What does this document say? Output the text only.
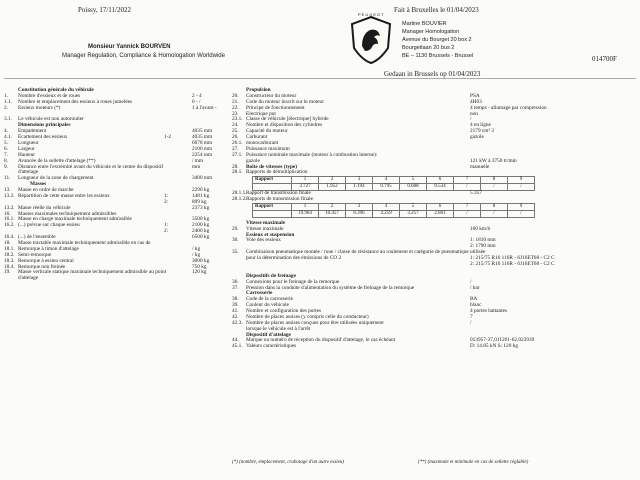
Poissy, 17/11/2022	Fait à Bruxelles le 01/04/2023
Monsieur Yannick BOURVEN
Manager Regulation, Compliance & Homologation Worldwide
PEUGEOT
Martine BOUVIER
Manager Homologation
Avenue du Bourget 20 box 2
Bourgetlaan 20 bus 2
BE – 1130 Brussels - Brussel	014700F
Gedaan in Brussels op 01/04/2023
Constitution générale du véhicule
1. Nombre d'essieux et de roues	2 - 4
1.1. Nombre et emplacement des essieux à roues jumelées	0 - /
2. Essieux moteurs (*)	1 à l'avant -
3.1. Le véhicule est non autoroutier
Dimensions principales
4. Empattement	4035 mm
4.1. Ecartement des essieux	1-2	4035 mm
5. Longueur	6678 mm
6. Largeur	2100 mm
7. Hauteur	2254 mm
8. Avancée de la sellette d'attelage (**)	/ mm
9. Distance entre l'extrémité avant du véhicule et le centre du dispositif d'attelage
mm
11. Longueur de la zone de chargement	3400 mm
Masses
13. Masse en ordre de marche	2290 kg
13.2. Répartition de cette masse entre les essieux	1:	1481 kg
2:	809 kg
13.2. Masse réelle du véhicule	2373 kg
16. Masses maximales techniquement admissibles
16.1. Masse en charge maximale techniquement admissible	3500 kg
16.2. (...) prévue sur chaque essieu	1:	2100 kg
2:	2400 kg
16.4. (...) de l'ensemble	6500 kg
18. Masse tractable maximale techniquement admissible en cas de
18.1. Remorque à timon d'attelage	/ kg
18.2. Semi-remorque	/ kg
18.3. Remorque à essieu central	3000 kg
18.4. Remorque non freinée	750 kg
19. Masse verticale statique maximale techniquement admissible au point d'attelage
120 kg
Propulsion
20. Constructeur du moteur	PSA
21. Code du moteur inscrit sur le moteur	4H03
22. Principe de fonctionnement	4 temps - allumage par compression
23. Electrique pur	non
23.1. Classe de véhicule [électrique] hybride	/
24. Nombre et disposition des cylindres	4 en ligne
25. Capacité du moteur	2179 cm³ 3
26. Carburant	gazole
26.1. monocarburant
27. Puissance maximum
27.1. Puissance nominale maximale (moteur à combustion interne):
gazole	121 kW à 3750 tr/min
28. Boîte de vitesses (type)	manuelle
28.1. Rapports de démultiplication
Rapport	1	2	3	4	5	6	7	8	9
	3.727	1.952	1.194	0.795	0.608	0.534	/	/	/
28.1.1. Rapport de transmission finale	5.357
28.1.2. Rapports de transmission finale
Rapport	1	2	3	4	5	6	7	8	9
	19.964	10.457	6.396	4.259	3.257	2.861	/	/	/
Vitesse maximale
29. Vitesse maximale	160 km/h
Essieux et suspension
30. Voie des essieux	1: 1810 mm
2: 1790 mm
35. Combinaison pneumatique montée / roue / classe de résistance au roulement et catégorie de pneumatique utilisée
pour la détermination des émissions de CO 2	1: 215/75 R16 116R - 6J16ET68 - C2 C
2: 215/75 R16 116R - 6J16ET68 - C2 C
Dispositifs de freinage
36. Connexions pour le freinage de la remorque	/
37. Pression dans la conduite d'alimentation du système de freinage de la remorque	/ bar
Carrosserie
38. Code de la carrosserie	BA
39. Couleur du véhicule	blanc
41. Nombre et configuration des portes	4 portes battantes
42. Nombre de places assises (y compris celle du conducteur)	7
42.3. Nombre de places assises conçues pour être utilisées uniquement lorsque le véhicule est à l'arrêt
/
Dispositif d'attelage
44. Marque ou numéro de réception du dispositif d'attelage, le cas échéant	013957-37,011261-62,023939
45.1. Valeurs caractéristiques	D: 14.85 kN S: 120 kg
(*) (nombre, emplacement, crabotage d'un autre essieu)	(**) (maximale et minimale en cas de sellette réglable)
